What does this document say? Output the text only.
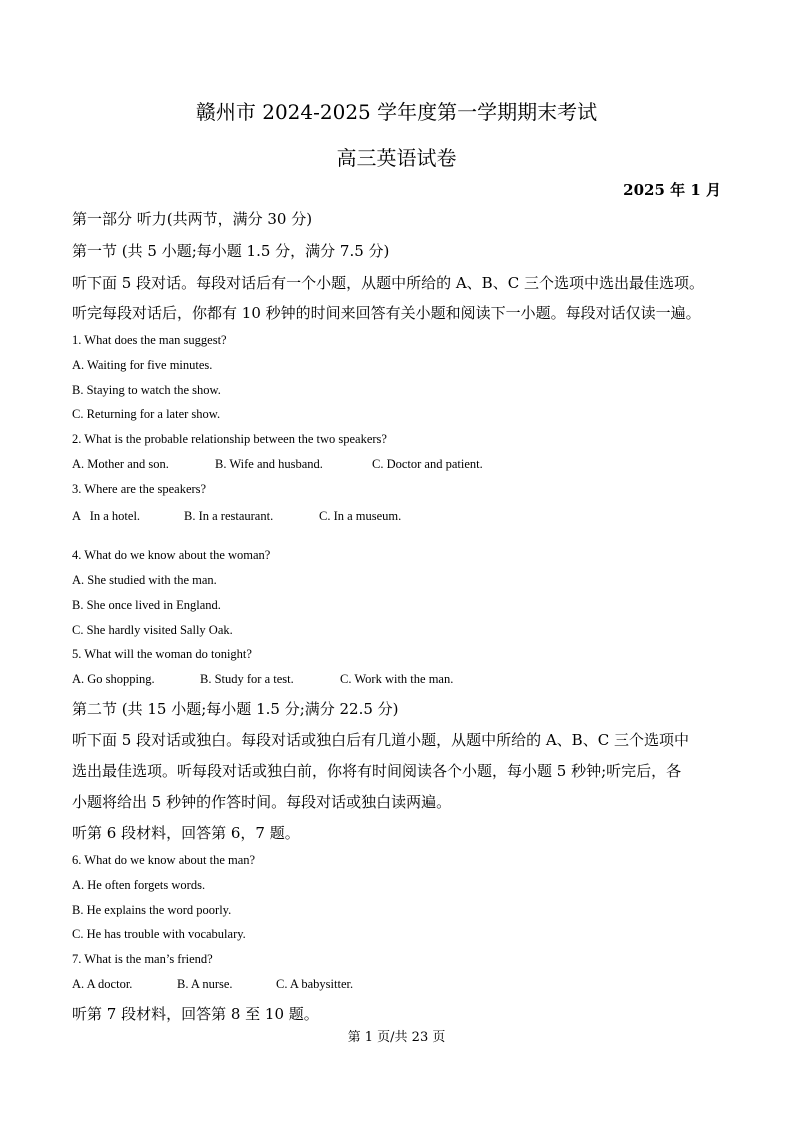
赣州市 2024-2025 学年度第一学期期末考试
高三英语试卷
2025 年 1 月
第一部分 听力(共两节，满分 30 分)
第一节 (共 5 小题;每小题 1.5 分，满分 7.5 分)
听下面 5 段对话。每段对话后有一个小题，从题中所给的 A、B、C 三个选项中选出最佳选项。
听完每段对话后，你都有 10 秒钟的时间来回答有关小题和阅读下一小题。每段对话仅读一遍。
1. What does the man suggest?
A. Waiting for five minutes.
B. Staying to watch the show.
C. Returning for a later show.
2. What is the probable relationship between the two speakers?
A. Mother and son.	B. Wife and husband.	C. Doctor and patient.
3. Where are the speakers?
A   In a hotel.	B. In a restaurant.	C. In a museum.
4. What do we know about the woman?
A. She studied with the man.
B. She once lived in England.
C. She hardly visited Sally Oak.
5. What will the woman do tonight?
A. Go shopping.	B. Study for a test.	C. Work with the man.
第二节 (共 15 小题;每小题 1.5 分;满分 22.5 分)
听下面 5 段对话或独白。每段对话或独白后有几道小题，从题中所给的 A、B、C 三个选项中
选出最佳选项。听每段对话或独白前，你将有时间阅读各个小题，每小题 5 秒钟;听完后，各
小题将给出 5 秒钟的作答时间。每段对话或独白读两遍。
听第 6 段材料，回答第 6，7 题。
6. What do we know about the man?
A. He often forgets words.
B. He explains the word poorly.
C. He has trouble with vocabulary.
7. What is the man’s friend?
A. A doctor.	B. A nurse.	C. A babysitter.
听第 7 段材料，回答第 8 至 10 题。
第 1 页/共 23 页
